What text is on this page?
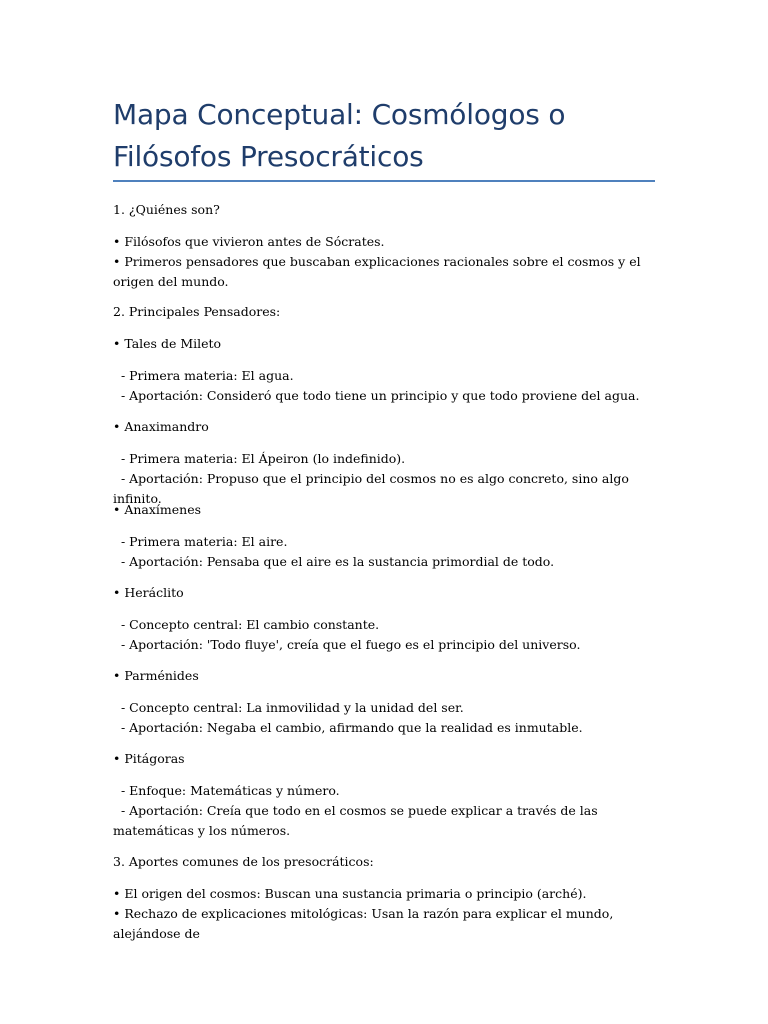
Mapa Conceptual: Cosmólogos o Filósofos Presocráticos

1. ¿Quiénes son?

• Filósofos que vivieron antes de Sócrates.
• Primeros pensadores que buscaban explicaciones racionales sobre el cosmos y el origen del mundo.

2. Principales Pensadores:

• Tales de Mileto

- Primera materia: El agua.
- Aportación: Consideró que todo tiene un principio y que todo proviene del agua.

• Anaximandro

- Primera materia: El Ápeiron (lo indefinido).
- Aportación: Propuso que el principio del cosmos no es algo concreto, sino algo infinito.

• Anaxímenes

- Primera materia: El aire.
- Aportación: Pensaba que el aire es la sustancia primordial de todo.

• Heráclito

- Concepto central: El cambio constante.
- Aportación: 'Todo fluye', creía que el fuego es el principio del universo.

• Parménides

- Concepto central: La inmovilidad y la unidad del ser.
- Aportación: Negaba el cambio, afirmando que la realidad es inmutable.

• Pitágoras

- Enfoque: Matemáticas y número.
- Aportación: Creía que todo en el cosmos se puede explicar a través de las matemáticas y los números.

3. Aportes comunes de los presocráticos:

• El origen del cosmos: Buscan una sustancia primaria o principio (arché).
• Rechazo de explicaciones mitológicas: Usan la razón para explicar el mundo, alejándose de
